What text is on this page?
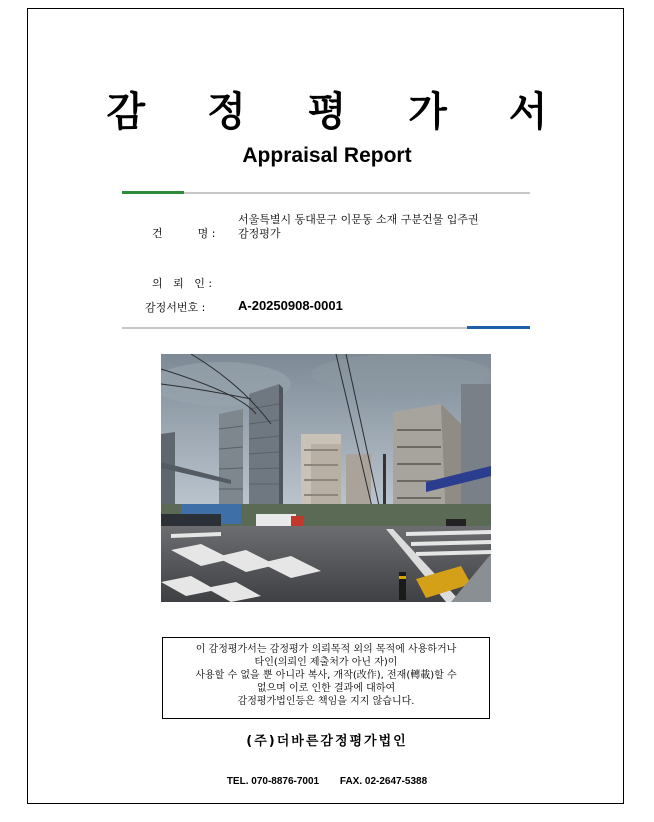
감 정 평 가 서
Appraisal Report

건          명 :

서울특별시 동대문구 이문동 소재 구분건물 입주권
감정평가

의   뢰   인 :

감정서번호 :	A-20250908-0001
이 감정평가서는 감정평가 의뢰목적 외의 목적에 사용하거나
타인(의뢰인 제출처가 아닌 자)이
사용할 수 없을 뿐 아니라 복사, 개작(改作), 전재(轉載)할 수
없으며 이로 인한 결과에 대하여
감정평가법인등은 책임을 지지 않습니다.
(주)더바른감정평가법인
TEL. 070-8876-7001 FAX. 02-2647-5388
